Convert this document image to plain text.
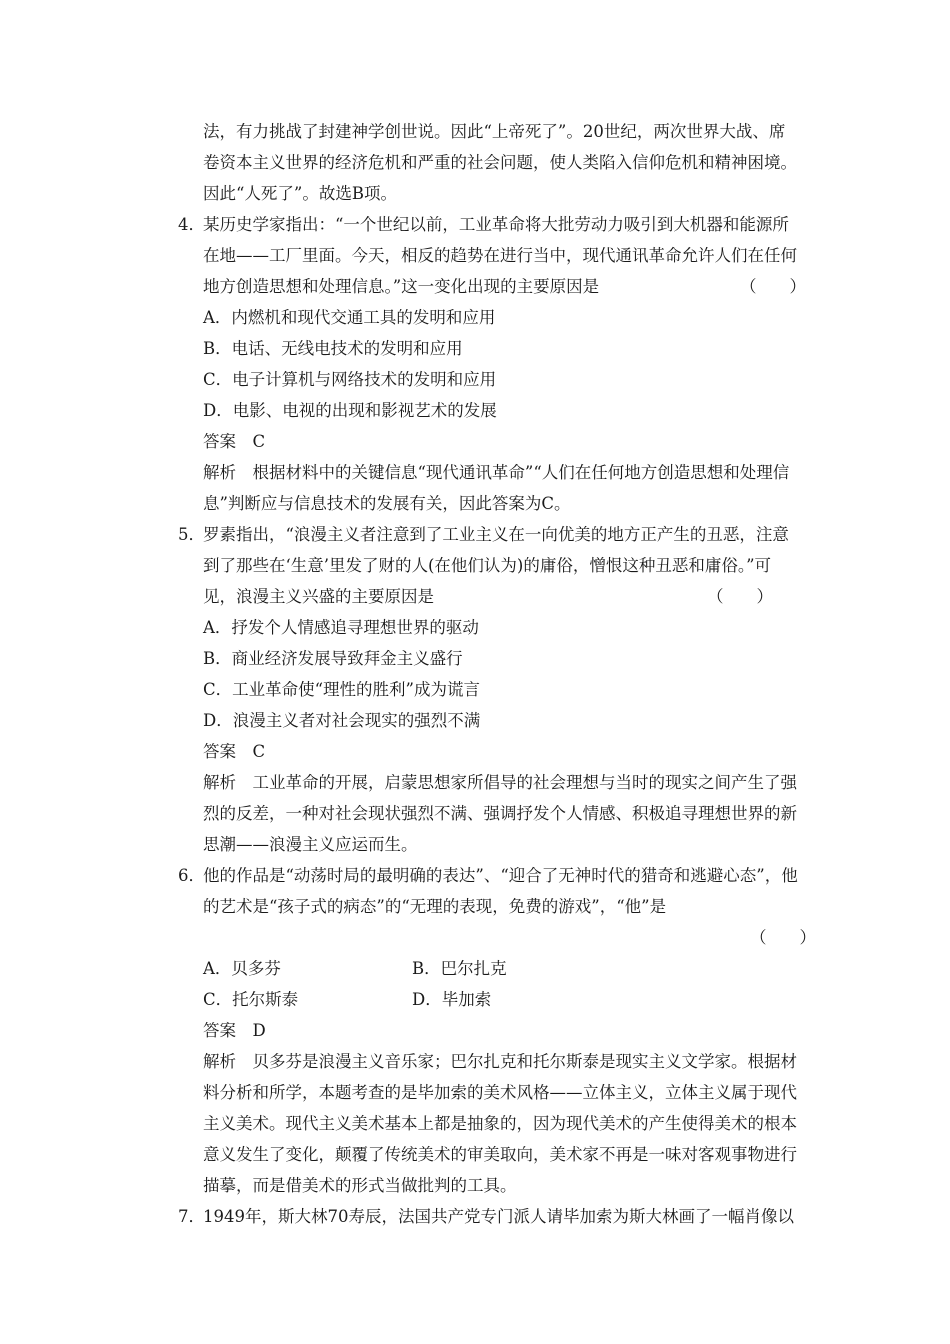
法，有力挑战了封建神学创世说。因此“上帝死了”。20世纪，两次世界大战、席
卷资本主义世界的经济危机和严重的社会问题，使人类陷入信仰危机和精神困境。
因此“人死了”。故选B项。
4．
某历史学家指出：“一个世纪以前，工业革命将大批劳动力吸引到大机器和能源所
在地——工厂里面。今天，相反的趋势在进行当中，现代通讯革命允许人们在任何
地方创造思想和处理信息。”这一变化出现的主要原因是	（　　）
A．内燃机和现代交通工具的发明和应用
B．电话、无线电技术的发明和应用
C．电子计算机与网络技术的发明和应用
D．电影、电视的出现和影视艺术的发展
答案　C
解析　根据材料中的关键信息“现代通讯革命”“人们在任何地方创造思想和处理信
息”判断应与信息技术的发展有关，因此答案为C。
5．
罗素指出，“浪漫主义者注意到了工业主义在一向优美的地方正产生的丑恶，注意
到了那些在‘生意’里发了财的人(在他们认为)的庸俗，憎恨这种丑恶和庸俗。”可
见，浪漫主义兴盛的主要原因是	（　　）
A．抒发个人情感追寻理想世界的驱动
B．商业经济发展导致拜金主义盛行
C．工业革命使“理性的胜利”成为谎言
D．浪漫主义者对社会现实的强烈不满
答案　C
解析　工业革命的开展，启蒙思想家所倡导的社会理想与当时的现实之间产生了强
烈的反差，一种对社会现状强烈不满、强调抒发个人情感、积极追寻理想世界的新
思潮——浪漫主义应运而生。
6．
他的作品是“动荡时局的最明确的表达”、“迎合了无神时代的猎奇和逃避心态”，他
的艺术是“孩子式的病态”的“无理的表现，免费的游戏”，“他”是
（　　）
A．贝多芬	B．巴尔扎克
C．托尔斯泰	D．毕加索
答案　D
解析　贝多芬是浪漫主义音乐家；巴尔扎克和托尔斯泰是现实主义文学家。根据材
料分析和所学，本题考查的是毕加索的美术风格——立体主义，立体主义属于现代
主义美术。现代主义美术基本上都是抽象的，因为现代美术的产生使得美术的根本
意义发生了变化，颠覆了传统美术的审美取向，美术家不再是一味对客观事物进行
描摹，而是借美术的形式当做批判的工具。
7．
1949年，斯大林70寿辰，法国共产党专门派人请毕加索为斯大林画了一幅肖像以
